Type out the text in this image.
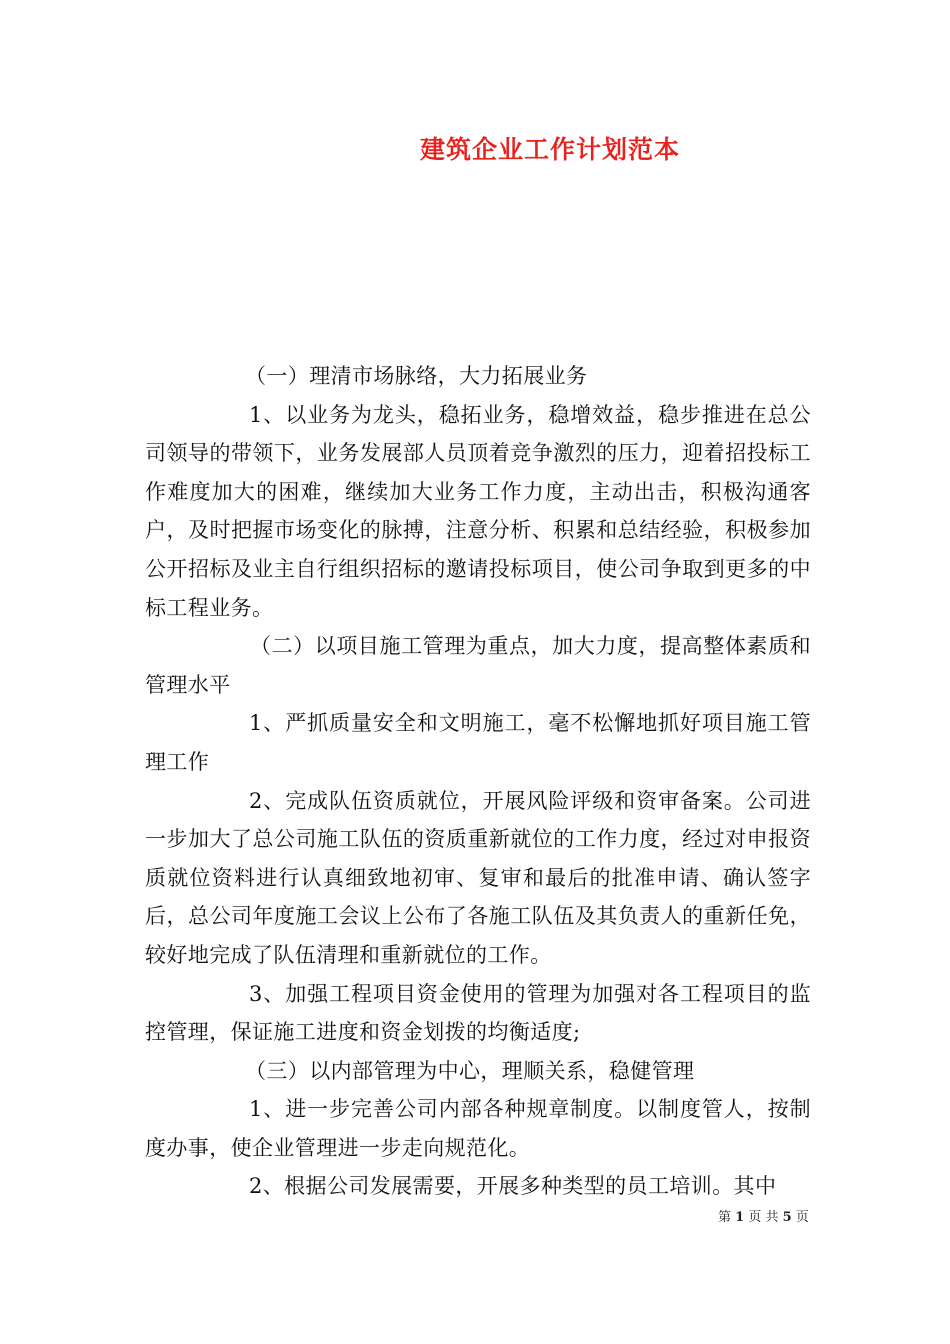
建筑企业工作计划范本

（一）理清市场脉络，大力拓展业务

1、以业务为龙头，稳拓业务，稳增效益，稳步推进在总公司领导的带领下，业务发展部人员顶着竞争激烈的压力，迎着招投标工作难度加大的困难，继续加大业务工作力度，主动出击，积极沟通客户，及时把握市场变化的脉搏，注意分析、积累和总结经验，积极参加公开招标及业主自行组织招标的邀请投标项目，使公司争取到更多的中标工程业务。

（二）以项目施工管理为重点，加大力度，提高整体素质和管理水平

1、严抓质量安全和文明施工，毫不松懈地抓好项目施工管理工作

2、完成队伍资质就位，开展风险评级和资审备案。公司进一步加大了总公司施工队伍的资质重新就位的工作力度，经过对申报资质就位资料进行认真细致地初审、复审和最后的批准申请、确认签字后，总公司年度施工会议上公布了各施工队伍及其负责人的重新任免，较好地完成了队伍清理和重新就位的工作。

3、加强工程项目资金使用的管理为加强对各工程项目的监控管理，保证施工进度和资金划拨的均衡适度;

（三）以内部管理为中心，理顺关系，稳健管理

1、进一步完善公司内部各种规章制度。以制度管人，按制度办事，使企业管理进一步走向规范化。

2、根据公司发展需要，开展多种类型的员工培训。其中

第 1 页 共 5 页
